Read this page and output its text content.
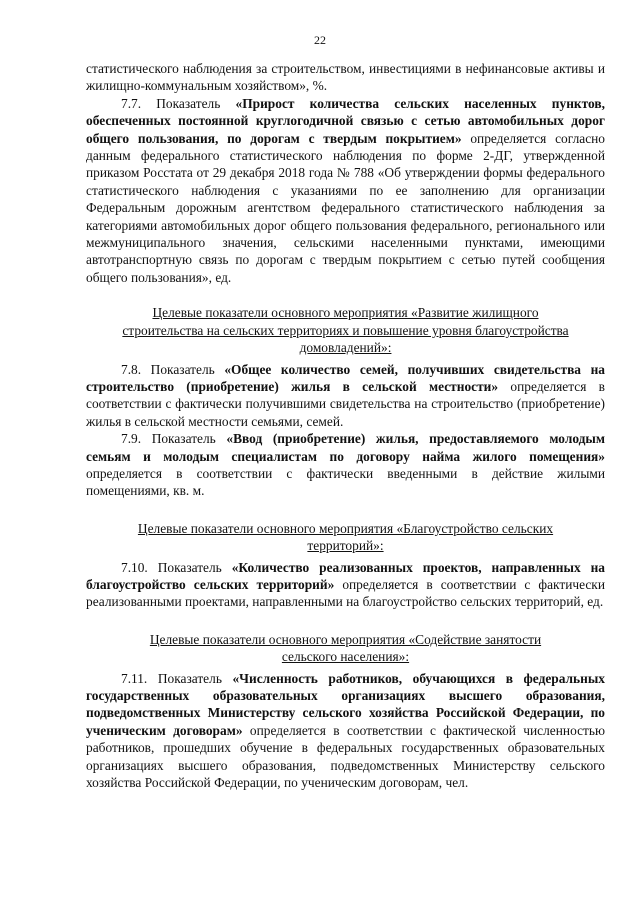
22

статистического наблюдения за строительством, инвестициями в нефинансовые активы и жилищно-коммунальным хозяйством», %.

7.7. Показатель «Прирост количества сельских населенных пунктов, обеспеченных постоянной круглогодичной связью с сетью автомобильных дорог общего пользования, по дорогам с твердым покрытием» определяется согласно данным федерального статистического наблюдения по форме 2-ДГ, утвержденной приказом Росстата от 29 декабря 2018 года № 788 «Об утверждении формы федерального статистического наблюдения с указаниями по ее заполнению для организации Федеральным дорожным агентством федерального статистического наблюдения за категориями автомобильных дорог общего пользования федерального, регионального или межмуниципального значения, сельскими населенными пунктами, имеющими автотранспортную связь по дорогам с твердым покрытием с сетью путей сообщения общего пользования», ед.

Целевые показатели основного мероприятия «Развитие жилищного
строительства на сельских территориях и повышение уровня благоустройства
домовладений»:

7.8. Показатель «Общее количество семей, получивших свидетельства на строительство (приобретение) жилья в сельской местности» определяется в соответствии с фактически получившими свидетельства на строительство (приобретение) жилья в сельской местности семьями, семей.

7.9. Показатель «Ввод (приобретение) жилья, предоставляемого молодым семьям и молодым специалистам по договору найма жилого помещения» определяется в соответствии с фактически введенными в действие жилыми помещениями, кв. м.

Целевые показатели основного мероприятия «Благоустройство сельских
территорий»:

7.10. Показатель «Количество реализованных проектов, направленных на благоустройство сельских территорий» определяется в соответствии с фактически реализованными проектами, направленными на благоустройство сельских территорий, ед.

Целевые показатели основного мероприятия «Содействие занятости
сельского населения»:

7.11. Показатель «Численность работников, обучающихся в федеральных государственных образовательных организациях высшего образования, подведомственных Министерству сельского хозяйства Российской Федерации, по ученическим договорам» определяется в соответствии с фактической численностью работников, прошедших обучение в федеральных государственных образовательных организациях высшего образования, подведомственных Министерству сельского хозяйства Российской Федерации, по ученическим договорам, чел.
